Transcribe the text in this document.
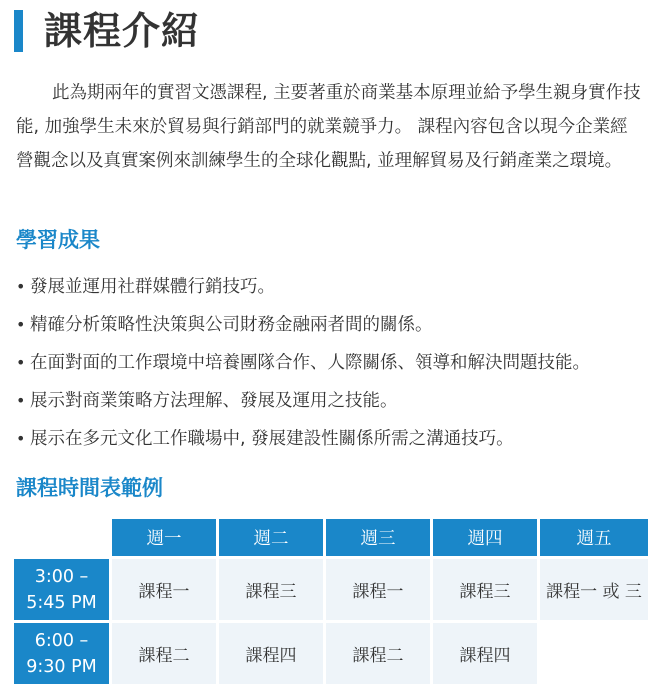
課程介紹

此為期兩年的實習文憑課程, 主要著重於商業基本原理並給予學生親身實作技能, 加強學生未來於貿易與行銷部門的就業競爭力。 課程內容包含以現今企業經營觀念以及真實案例來訓練學生的全球化觀點, 並理解貿易及行銷產業之環境。

學習成果
• 發展並運用社群媒體行銷技巧。
• 精確分析策略性決策與公司財務金融兩者間的關係。
• 在面對面的工作環境中培養團隊合作、人際關係、領導和解決問題技能。
• 展示對商業策略方法理解、發展及運用之技能。
• 展示在多元文化工作職場中, 發展建設性關係所需之溝通技巧。
課程時間表範例
	週一	週二	週三	週四	週五

3:00 –
5:45 PM	課程一	課程三	課程一	課程三	課程一 或 三

6:00 –
9:30 PM	課程二	課程四	課程二	課程四	
